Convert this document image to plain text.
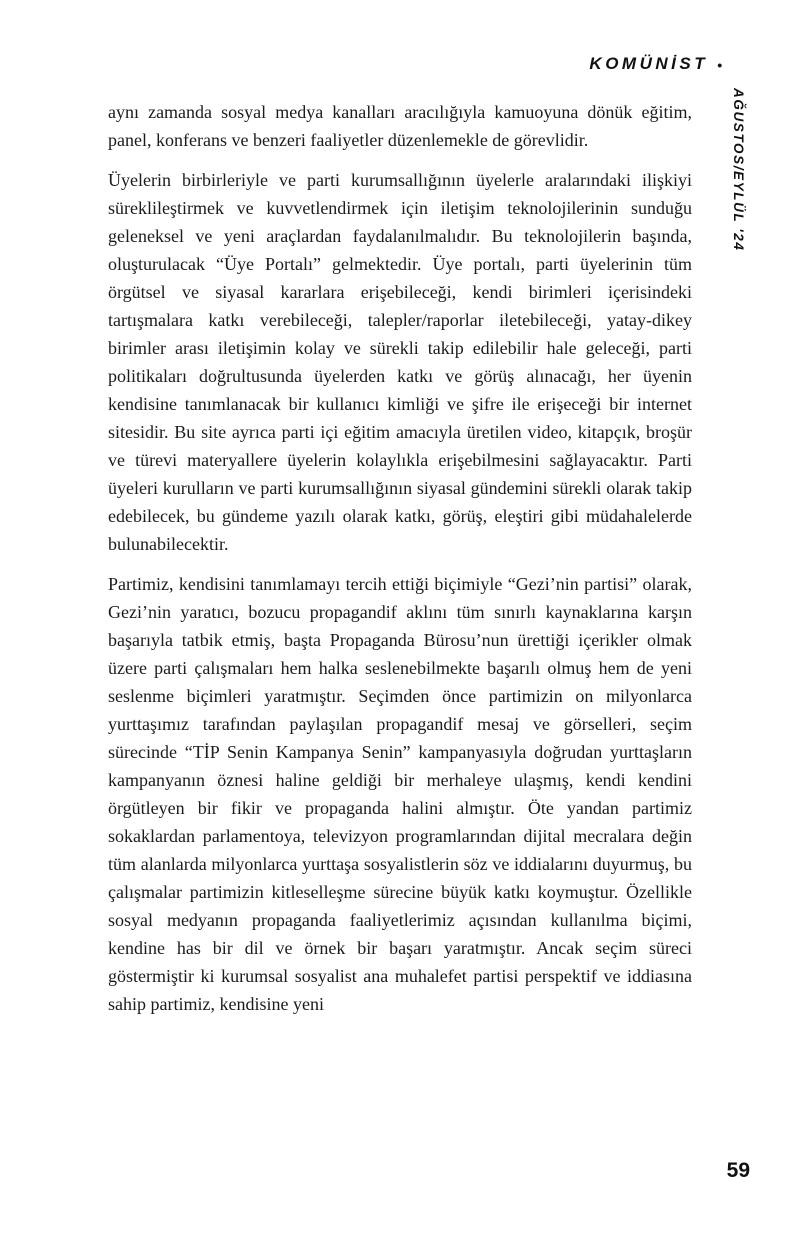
KOMÜNİST •
AĞUSTOS/EYLÜL '24

aynı zamanda sosyal medya kanalları aracılığıyla kamuoyuna dönük eğitim, panel, konferans ve benzeri faaliyetler düzenlemekle de görevlidir.

Üyelerin birbirleriyle ve parti kurumsallığının üyelerle aralarındaki ilişkiyi süreklileştirmek ve kuvvetlendirmek için iletişim teknolojilerinin sunduğu geleneksel ve yeni araçlardan faydalanılmalıdır. Bu teknolojilerin başında, oluşturulacak “Üye Portalı” gelmektedir. Üye portalı, parti üyelerinin tüm örgütsel ve siyasal kararlara erişebileceği, kendi birimleri içerisindeki tartışmalara katkı verebileceği, talepler/raporlar iletebileceği, yatay-dikey birimler arası iletişimin kolay ve sürekli takip edilebilir hale geleceği, parti politikaları doğrultusunda üyelerden katkı ve görüş alınacağı, her üyenin kendisine tanımlanacak bir kullanıcı kimliği ve şifre ile erişeceği bir internet sitesidir. Bu site ayrıca parti içi eğitim amacıyla üretilen video, kitapçık, broşür ve türevi materyallere üyelerin kolaylıkla erişebilmesini sağlayacaktır. Parti üyeleri kurulların ve parti kurumsallığının siyasal gündemini sürekli olarak takip edebilecek, bu gündeme yazılı olarak katkı, görüş, eleştiri gibi müdahalelerde bulunabilecektir.

Partimiz, kendisini tanımlamayı tercih ettiği biçimiyle “Gezi’nin partisi” olarak, Gezi’nin yaratıcı, bozucu propagandif aklını tüm sınırlı kaynaklarına karşın başarıyla tatbik etmiş, başta Propaganda Bürosu’nun ürettiği içerikler olmak üzere parti çalışmaları hem halka seslenebilmekte başarılı olmuş hem de yeni seslenme biçimleri yaratmıştır. Seçimden önce partimizin on milyonlarca yurttaşımız tarafından paylaşılan propagandif mesaj ve görselleri, seçim sürecinde “TİP Senin Kampanya Senin” kampanyasıyla doğrudan yurttaşların kampanyanın öznesi haline geldiği bir merhaleye ulaşmış, kendi kendini örgütleyen bir fikir ve propaganda halini almıştır. Öte yandan partimiz sokaklardan parlamentoya, televizyon programlarından dijital mecralara değin tüm alanlarda milyonlarca yurttaşa sosyalistlerin söz ve iddialarını duyurmuş, bu çalışmalar partimizin kitleselleşme sürecine büyük katkı koymuştur. Özellikle sosyal medyanın propaganda faaliyetlerimiz açısından kullanılma biçimi, kendine has bir dil ve örnek bir başarı yaratmıştır. Ancak seçim süreci göstermiştir ki kurumsal sosyalist ana muhalefet partisi perspektif ve iddiasına sahip partimiz, kendisine yeni

59
